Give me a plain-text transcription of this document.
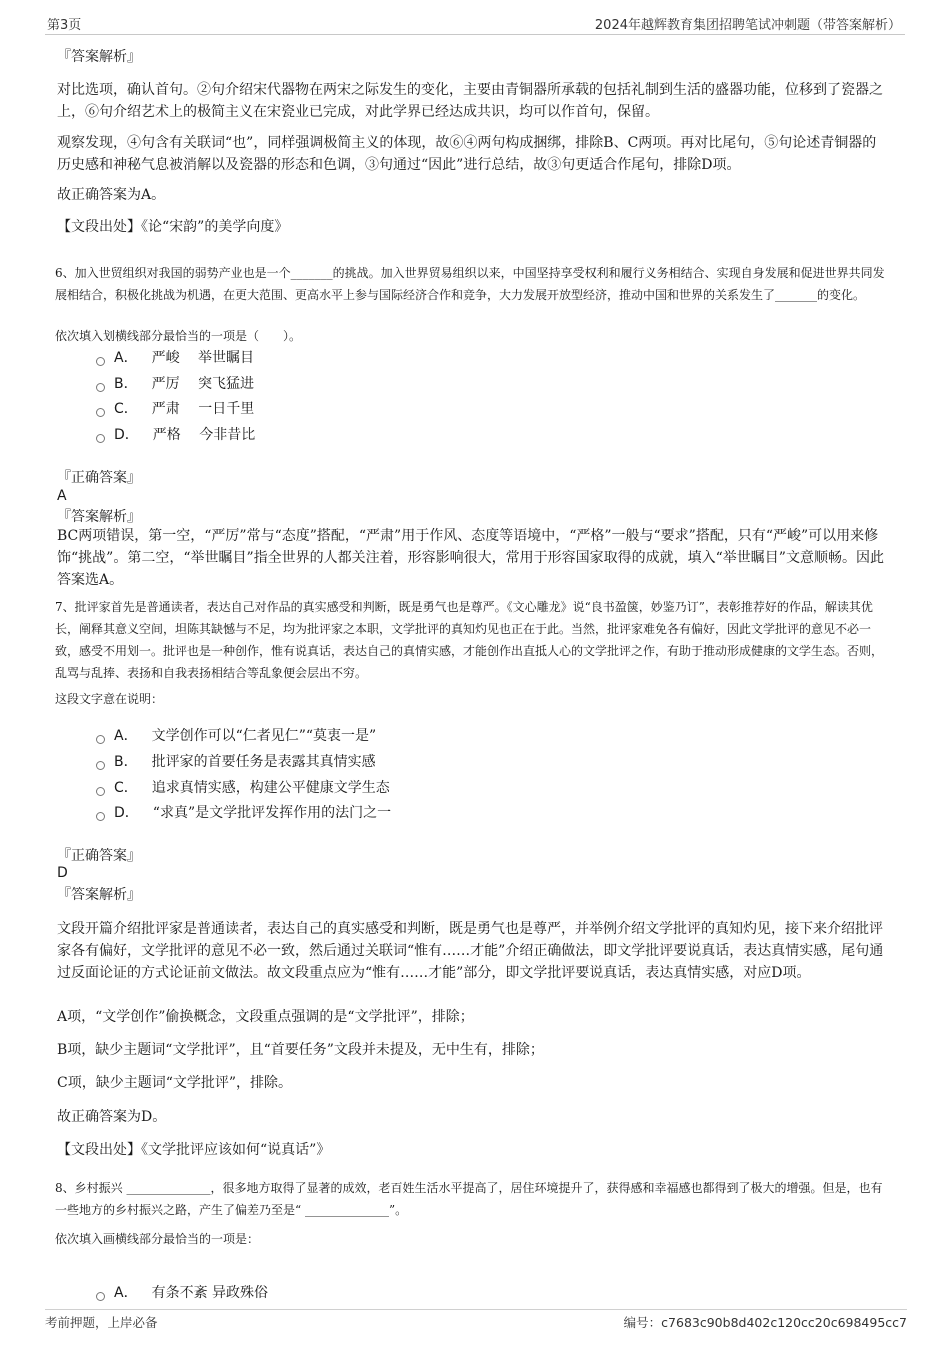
第3页	2024年越辉教育集团招聘笔试冲刺题（带答案解析）
『答案解析』
对比选项，确认首句。②句介绍宋代器物在两宋之际发生的变化，主要由青铜器所承载的包括礼制到生活的盛器功能，位移到了瓷器之上，⑥句介绍艺术上的极简主义在宋瓷业已完成，对此学界已经达成共识，均可以作首句，保留。
观察发现，④句含有关联词“也”，同样强调极简主义的体现，故⑥④两句构成捆绑，排除B、C两项。再对比尾句，⑤句论述青铜器的历史感和神秘气息被消解以及瓷器的形态和色调，③句通过“因此”进行总结，故③句更适合作尾句，排除D项。
故正确答案为A。
【文段出处】《论“宋韵”的美学向度》
6、加入世贸组织对我国的弱势产业也是一个_______的挑战。加入世界贸易组织以来，中国坚持享受权利和履行义务相结合、实现自身发展和促进世界共同发展相结合，积极化挑战为机遇，在更大范围、更高水平上参与国际经济合作和竞争，大力发展开放型经济，推动中国和世界的关系发生了_______的变化。
依次填入划横线部分最恰当的一项是（　　）。
A． 严峻　 举世瞩目
B． 严厉　 突飞猛进
C． 严肃　 一日千里
D． 严格　 今非昔比
『正确答案』
A
『答案解析』
BC两项错误，第一空，“严厉”常与“态度”搭配，“严肃”用于作风、态度等语境中，“严格”一般与“要求”搭配，只有“严峻”可以用来修饰“挑战”。第二空，“举世瞩目”指全世界的人都关注着，形容影响很大，常用于形容国家取得的成就，填入“举世瞩目”文意顺畅。因此答案选A。
7、批评家首先是普通读者，表达自己对作品的真实感受和判断，既是勇气也是尊严。《文心雕龙》说“良书盈箧，妙鉴乃订”，表彰推荐好的作品，解读其优长，阐释其意义空间，坦陈其缺憾与不足，均为批评家之本职，文学批评的真知灼见也正在于此。当然，批评家难免各有偏好，因此文学批评的意见不必一致，感受不用划一。批评也是一种创作，惟有说真话，表达自己的真情实感，才能创作出直抵人心的文学批评之作，有助于推动形成健康的文学生态。否则，乱骂与乱捧、表扬和自我表扬相结合等乱象便会层出不穷。
这段文字意在说明：
A． 文学创作可以“仁者见仁”“莫衷一是”
B． 批评家的首要任务是表露其真情实感
C． 追求真情实感，构建公平健康文学生态
D． “求真”是文学批评发挥作用的法门之一
『正确答案』
D
『答案解析』
文段开篇介绍批评家是普通读者，表达自己的真实感受和判断，既是勇气也是尊严，并举例介绍文学批评的真知灼见，接下来介绍批评家各有偏好，文学批评的意见不必一致，然后通过关联词“惟有……才能”介绍正确做法，即文学批评要说真话，表达真情实感，尾句通过反面论证的方式论证前文做法。故文段重点应为“惟有……才能”部分，即文学批评要说真话，表达真情实感，对应D项。
A项，“文学创作”偷换概念，文段重点强调的是“文学批评”，排除；
B项，缺少主题词“文学批评”，且“首要任务”文段并未提及，无中生有，排除；
C项，缺少主题词“文学批评”，排除。
故正确答案为D。
【文段出处】《文学批评应该如何“说真话”》
8、乡村振兴 ______________，很多地方取得了显著的成效，老百姓生活水平提高了，居住环境提升了，获得感和幸福感也都得到了极大的增强。但是，也有一些地方的乡村振兴之路，产生了偏差乃至是“ ______________”。
依次填入画横线部分最恰当的一项是：
A． 有条不紊 异政殊俗
考前押题，上岸必备	编号：c7683c90b8d402c120cc20c698495cc7
